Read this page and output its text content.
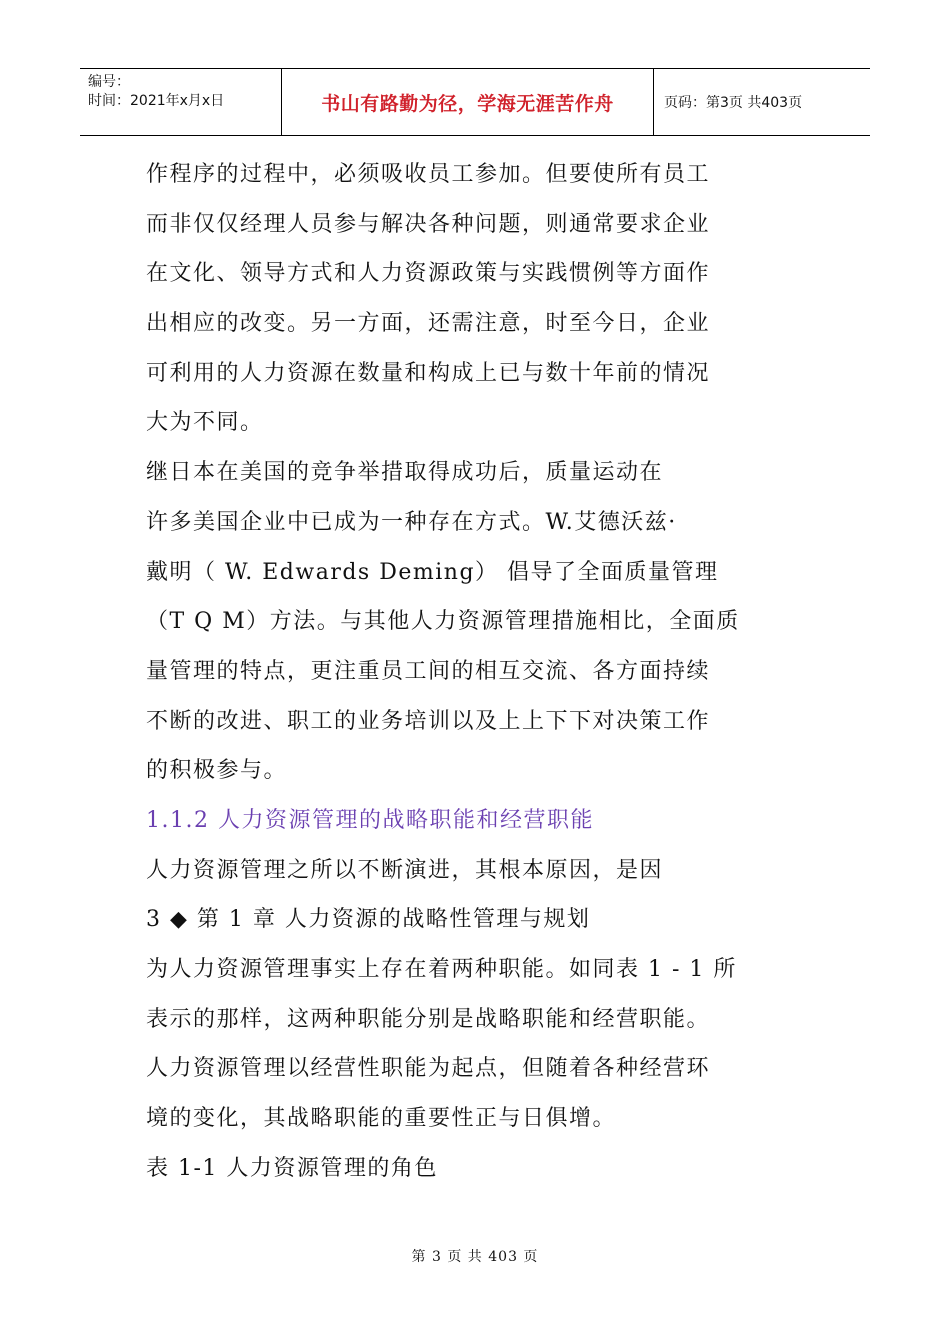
编号：
时间：2021年x月x日	书山有路勤为径，学海无涯苦作舟	页码：第3页 共403页
作程序的过程中，必须吸收员工参加。但要使所有员工
而非仅仅经理人员参与解决各种问题，则通常要求企业
在文化、领导方式和人力资源政策与实践惯例等方面作
出相应的改变。另一方面，还需注意，时至今日，企业
可利用的人力资源在数量和构成上已与数十年前的情况
大为不同。
继日本在美国的竞争举措取得成功后，质量运动在
许多美国企业中已成为一种存在方式。W.艾德沃兹·
戴明（ W. Edwards Deming） 倡导了全面质量管理
（T Q M）方法。与其他人力资源管理措施相比，全面质
量管理的特点，更注重员工间的相互交流、各方面持续
不断的改进、职工的业务培训以及上上下下对决策工作
的积极参与。
1.1.2 人力资源管理的战略职能和经营职能
人力资源管理之所以不断演进，其根本原因，是因
3 ◆ 第 1 章 人力资源的战略性管理与规划
为人力资源管理事实上存在着两种职能。如同表 1 - 1 所
表示的那样，这两种职能分别是战略职能和经营职能。
人力资源管理以经营性职能为起点，但随着各种经营环
境的变化，其战略职能的重要性正与日俱增。
表 1-1 人力资源管理的角色
第 3 页 共 403 页
